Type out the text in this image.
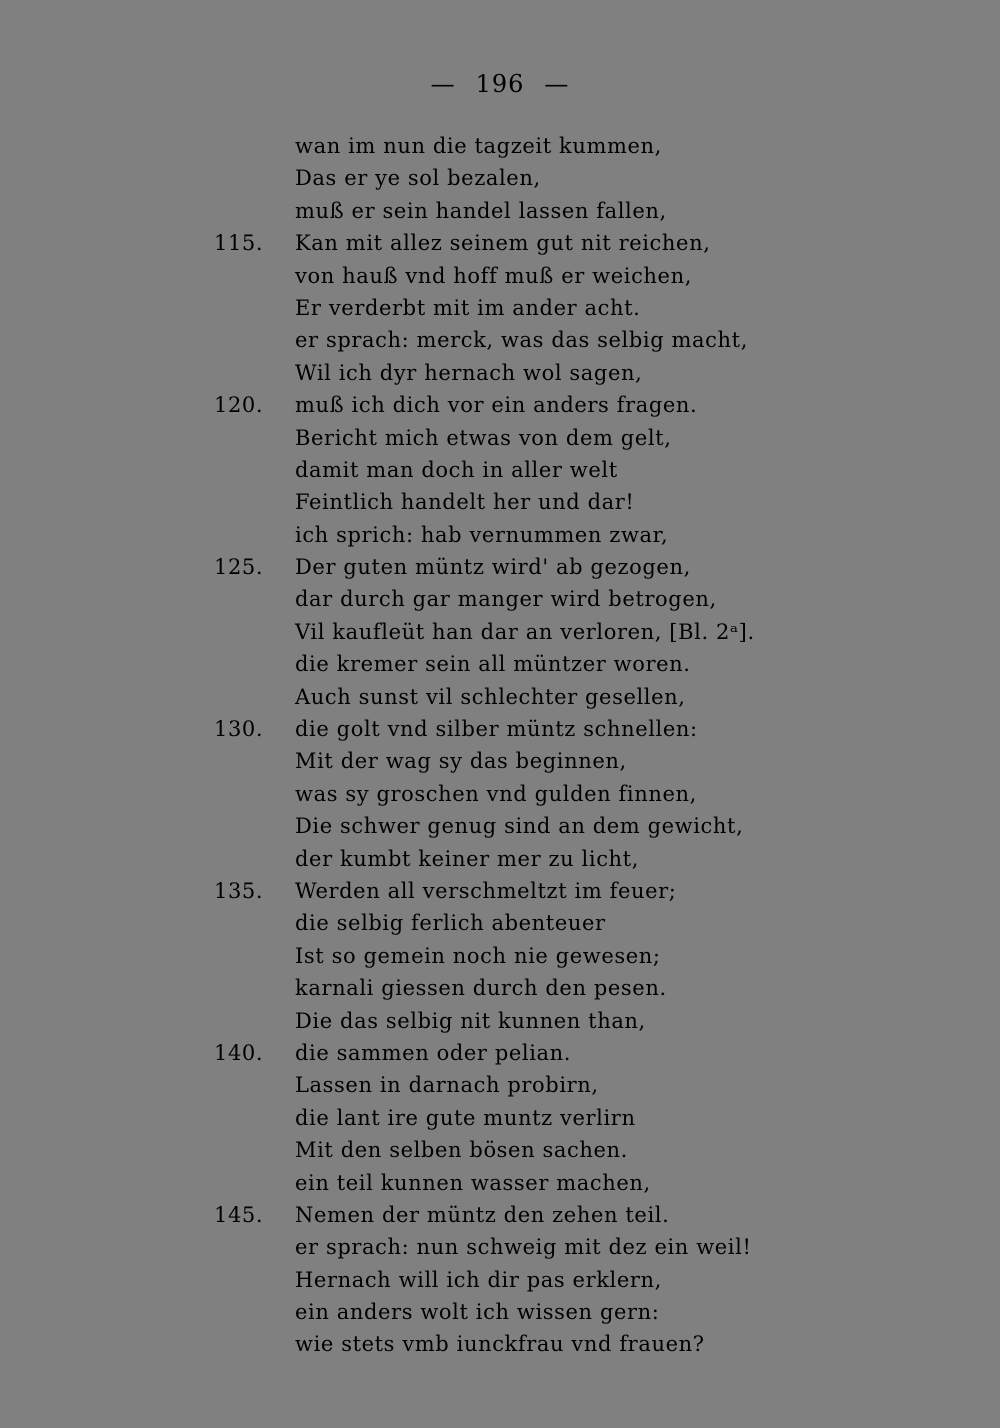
— 196 —
wan im nun die tagzeit kummen,
Das er ye sol bezalen,
muß er sein handel lassen fallen,
115.	Kan mit allez seinem gut nit reichen,
von hauß vnd hoff muß er weichen,
Er verderbt mit im ander acht.
er sprach: merck, was das selbig macht,
Wil ich dyr hernach wol sagen,
120.	muß ich dich vor ein anders fragen.
Bericht mich etwas von dem gelt,
damit man doch in aller welt
Feintlich handelt her und dar!
ich sprich: hab vernummen zwar,
125.	Der guten müntz wird' ab gezogen,
dar durch gar manger wird betrogen,
Vil kaufleüt han dar an verloren, [Bl. 2ᵃ].
die kremer sein all müntzer woren.
Auch sunst vil schlechter gesellen,
130.	die golt vnd silber müntz schnellen:
Mit der wag sy das beginnen,
was sy groschen vnd gulden finnen,
Die schwer genug sind an dem gewicht,
der kumbt keiner mer zu licht,
135.	Werden all verschmeltzt im feuer;
die selbig ferlich abenteuer
Ist so gemein noch nie gewesen;
karnali giessen durch den pesen.
Die das selbig nit kunnen than,
140.	die sammen oder pelian.
Lassen in darnach probirn,
die lant ire gute muntz verlirn
Mit den selben bösen sachen.
ein teil kunnen wasser machen,
145.	Nemen der müntz den zehen teil.
er sprach: nun schweig mit dez ein weil!
Hernach will ich dir pas erklern,
ein anders wolt ich wissen gern:
wie stets vmb iunckfrau vnd frauen?
